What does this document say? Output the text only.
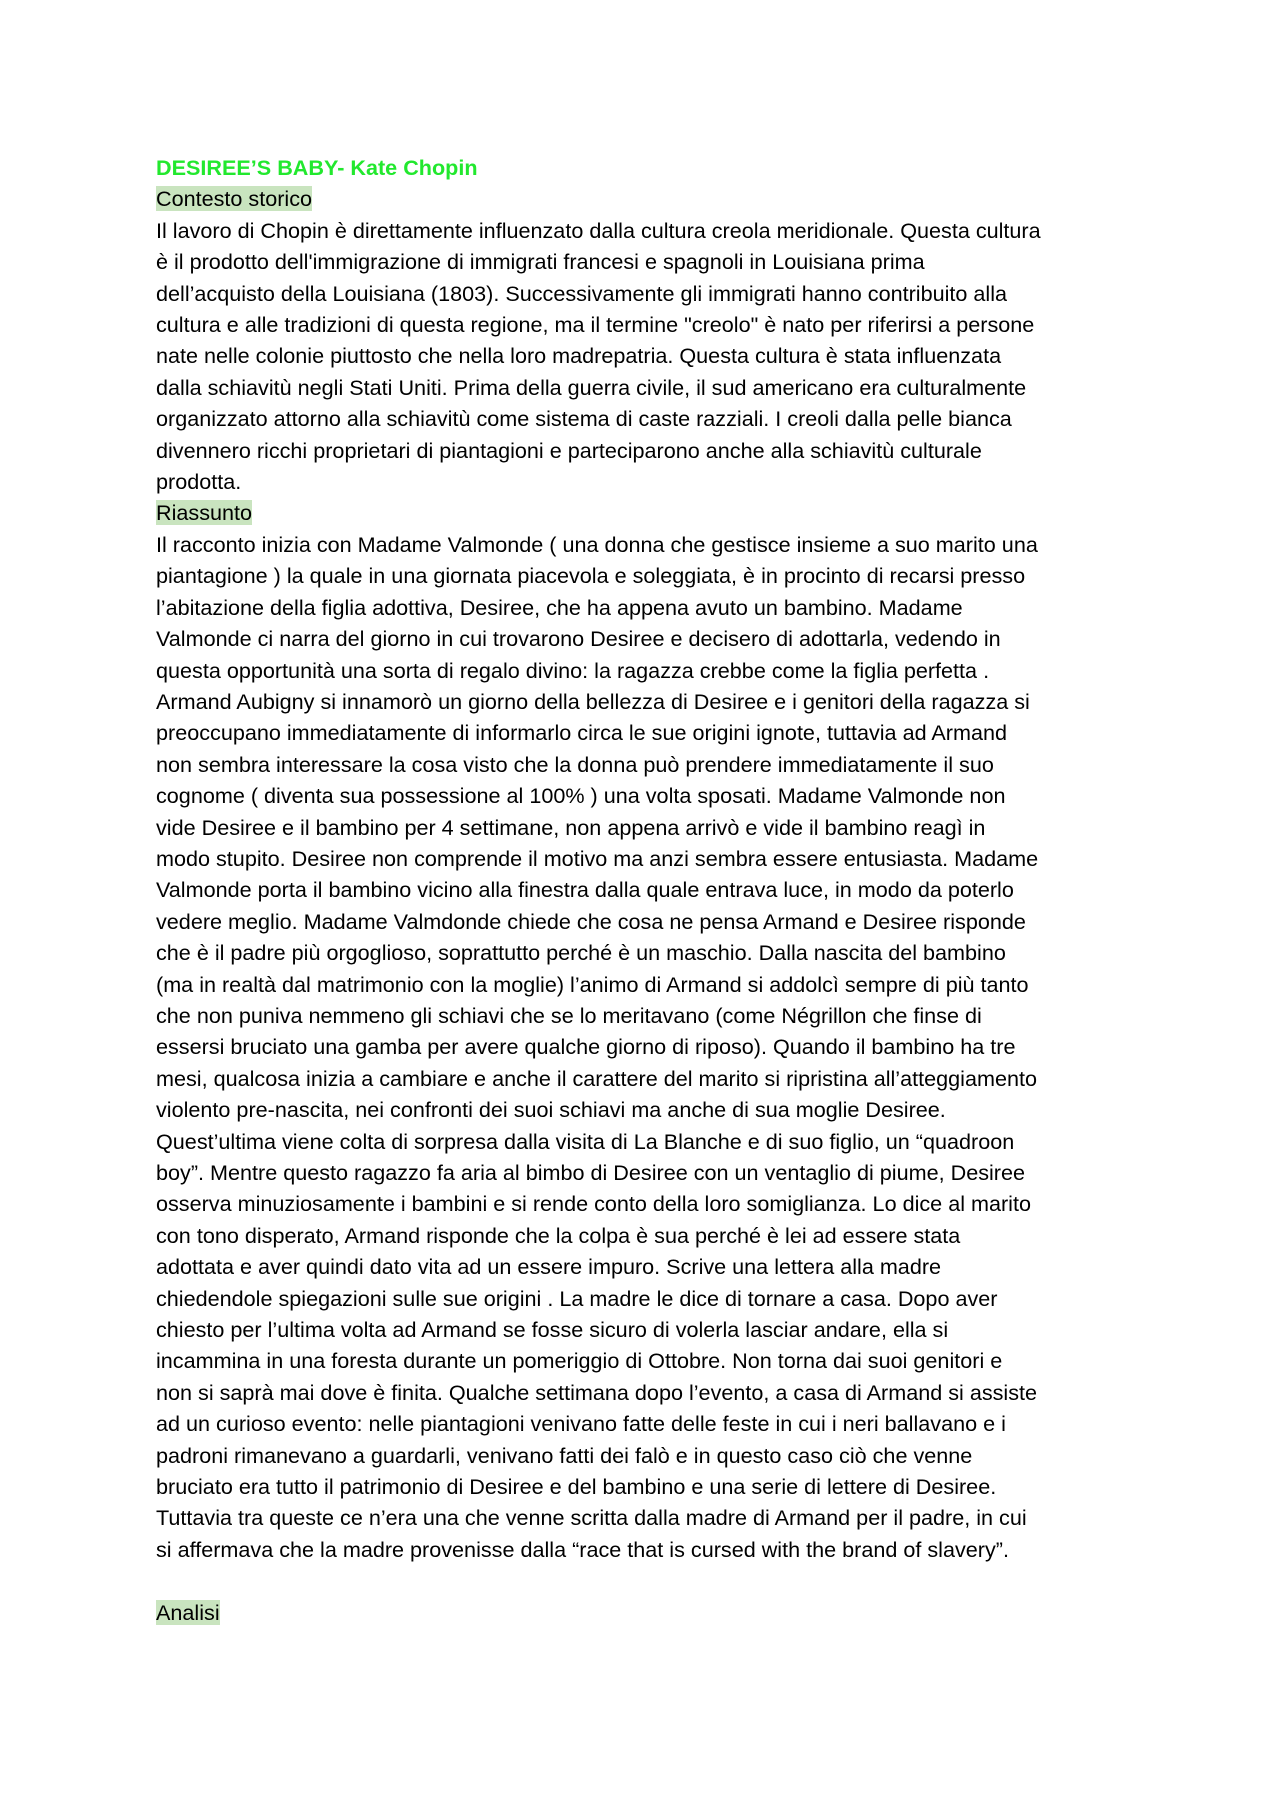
DESIREE’S BABY- Kate Chopin

Contesto storico

Il lavoro di Chopin è direttamente influenzato dalla cultura creola meridionale. Questa cultura
è il prodotto dell'immigrazione di immigrati francesi e spagnoli in Louisiana prima
dell’acquisto della Louisiana (1803). Successivamente gli immigrati hanno contribuito alla
cultura e alle tradizioni di questa regione, ma il termine "creolo" è nato per riferirsi a persone
nate nelle colonie piuttosto che nella loro madrepatria. Questa cultura è stata influenzata
dalla schiavitù negli Stati Uniti. Prima della guerra civile, il sud americano era culturalmente
organizzato attorno alla schiavitù come sistema di caste razziali. I creoli dalla pelle bianca
divennero ricchi proprietari di piantagioni e parteciparono anche alla schiavitù culturale
prodotta.

Riassunto

Il racconto inizia con Madame Valmonde ( una donna che gestisce insieme a suo marito una
piantagione ) la quale in una giornata piacevola e soleggiata, è in procinto di recarsi presso
l’abitazione della figlia adottiva, Desiree, che ha appena avuto un bambino. Madame
Valmonde ci narra del giorno in cui trovarono Desiree e decisero di adottarla, vedendo in
questa opportunità una sorta di regalo divino: la ragazza crebbe come la figlia perfetta .
Armand Aubigny si innamorò un giorno della bellezza di Desiree e i genitori della ragazza si
preoccupano immediatamente di informarlo circa le sue origini ignote, tuttavia ad Armand
non sembra interessare la cosa visto che la donna può prendere immediatamente il suo
cognome ( diventa sua possessione al 100% ) una volta sposati. Madame Valmonde non
vide Desiree e il bambino per 4 settimane, non appena arrivò e vide il bambino reagì in
modo stupito. Desiree non comprende il motivo ma anzi sembra essere entusiasta. Madame
Valmonde porta il bambino vicino alla finestra dalla quale entrava luce, in modo da poterlo
vedere meglio. Madame Valmdonde chiede che cosa ne pensa Armand e Desiree risponde
che è il padre più orgoglioso, soprattutto perché è un maschio. Dalla nascita del bambino
(ma in realtà dal matrimonio con la moglie) l’animo di Armand si addolcì sempre di più tanto
che non puniva nemmeno gli schiavi che se lo meritavano (come Négrillon che finse di
essersi bruciato una gamba per avere qualche giorno di riposo). Quando il bambino ha tre
mesi, qualcosa inizia a cambiare e anche il carattere del marito si ripristina all’atteggiamento
violento pre-nascita, nei confronti dei suoi schiavi ma anche di sua moglie Desiree.
Quest’ultima viene colta di sorpresa dalla visita di La Blanche e di suo figlio, un “quadroon
boy”. Mentre questo ragazzo fa aria al bimbo di Desiree con un ventaglio di piume, Desiree
osserva minuziosamente i bambini e si rende conto della loro somiglianza. Lo dice al marito
con tono disperato, Armand risponde che la colpa è sua perché è lei ad essere stata
adottata e aver quindi dato vita ad un essere impuro. Scrive una lettera alla madre
chiedendole spiegazioni sulle sue origini . La madre le dice di tornare a casa. Dopo aver
chiesto per l’ultima volta ad Armand se fosse sicuro di volerla lasciar andare, ella si
incammina in una foresta durante un pomeriggio di Ottobre. Non torna dai suoi genitori e
non si saprà mai dove è finita. Qualche settimana dopo l’evento, a casa di Armand si assiste
ad un curioso evento: nelle piantagioni venivano fatte delle feste in cui i neri ballavano e i
padroni rimanevano a guardarli, venivano fatti dei falò e in questo caso ciò che venne
bruciato era tutto il patrimonio di Desiree e del bambino e una serie di lettere di Desiree.
Tuttavia tra queste ce n’era una che venne scritta dalla madre di Armand per il padre, in cui
si affermava che la madre provenisse dalla “race that is cursed with the brand of slavery”.

Analisi
